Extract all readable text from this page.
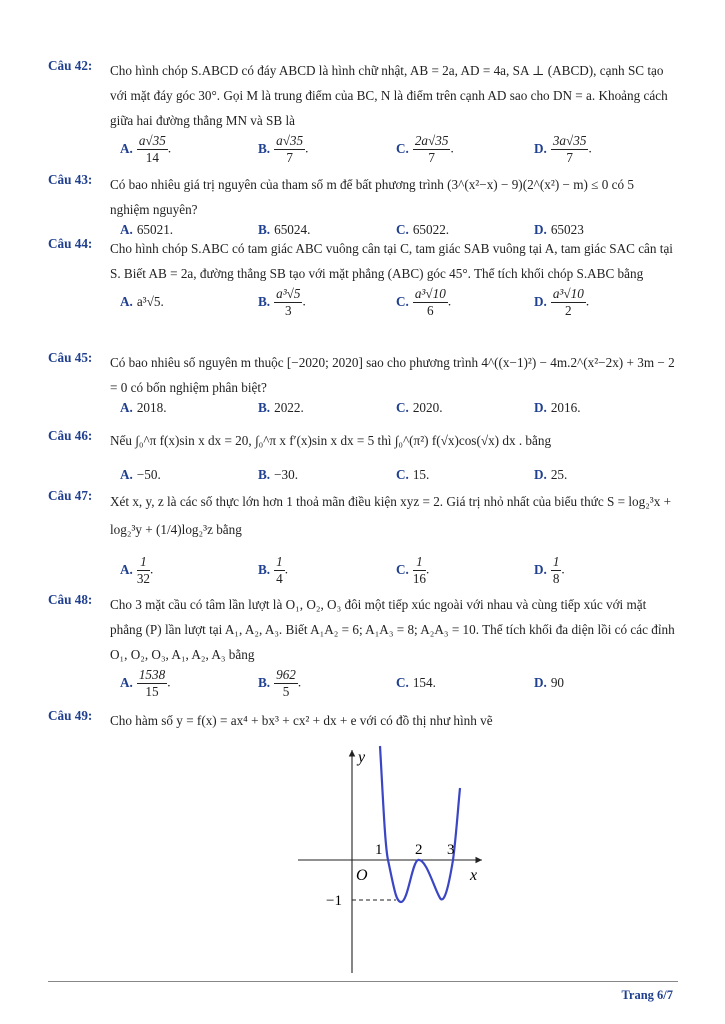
Câu 42:	Cho hình chóp S.ABCD có đáy ABCD là hình chữ nhật, AB = 2a, AD = 4a, SA ⊥ (ABCD), cạnh SC tạo với mặt đáy góc 30°. Gọi M là trung điểm của BC, N là điểm trên cạnh AD sao cho DN = a. Khoảng cách giữa hai đường thẳng MN và SB là
A. $\frac{a√35}{14}$ .	B. $\frac{a√35}{7}$ .	C. $\frac{2a√35}{7}$ .	D. $\frac{3a√35}{7}$ .
Câu 43:	Có bao nhiêu giá trị nguyên của tham số m để bất phương trình (3^(x²−x) − 9)(2^(x²) − m) ≤ 0 có 5 nghiệm nguyên?
A. 65021.	B. 65024.	C. 65022.	D. 65023
Câu 44:	Cho hình chóp S.ABC có tam giác ABC vuông cân tại C, tam giác SAB vuông tại A, tam giác SAC cân tại S. Biết AB = 2a, đường thẳng SB tạo với mặt phẳng (ABC) góc 45°. Thể tích khối chóp S.ABC bằng
A. a³√5.	B. $\frac{\text{a³√5}}{3}$ .	C. $\frac{\text{a³√10}}{6}$ .	D. $\frac{\text{a³√10}}{2}$ .
Câu 45:	Có bao nhiêu số nguyên m thuộc [−2020; 2020] sao cho phương trình 4^((x−1)²) − 4m.2^(x²−2x) + 3m − 2 = 0 có bốn nghiệm phân biệt?
A. 2018.	B. 2022.	C. 2020.	D. 2016.
Câu 46:	Nếu ∫₀^π f(x)sin x dx = 20, ∫₀^π x f′(x)sin x dx = 5 thì ∫₀^(π²) f(√x)cos(√x) dx . bằng
A. −50.	B. −30.	C. 15.	D. 25.
Câu 47:	Xét x, y, z là các số thực lớn hơn 1 thoả mãn điều kiện xyz = 2. Giá trị nhỏ nhất của biểu thức S = log₂³x + log₂³y + (1/4)log₂³z bằng
A. $\frac{1}{32}$ .	B. $\frac{1}{4}$ .	C. $\frac{1}{16}$ .	D. $\frac{1}{8}$ .
Câu 48:	Cho 3 mặt cầu có tâm lần lượt là O₁, O₂, O₃ đôi một tiếp xúc ngoài với nhau và cùng tiếp xúc với mặt phẳng (P) lần lượt tại A₁, A₂, A₃. Biết A₁A₂ = 6; A₁A₃ = 8; A₂A₃ = 10. Thể tích khối đa diện lồi có các đỉnh O₁, O₂, O₃, A₁, A₂, A₃ bằng
A. $\frac{1538}{15}$ .	B. $\frac{962}{5}$ .	C. 154.	D. 90
Câu 49:	Cho hàm số y = f(x) = ax⁴ + bx³ + cx² + dx + e với có đồ thị như hình vẽ
y
x
O
1 2 3
−1
Trang 6/7
